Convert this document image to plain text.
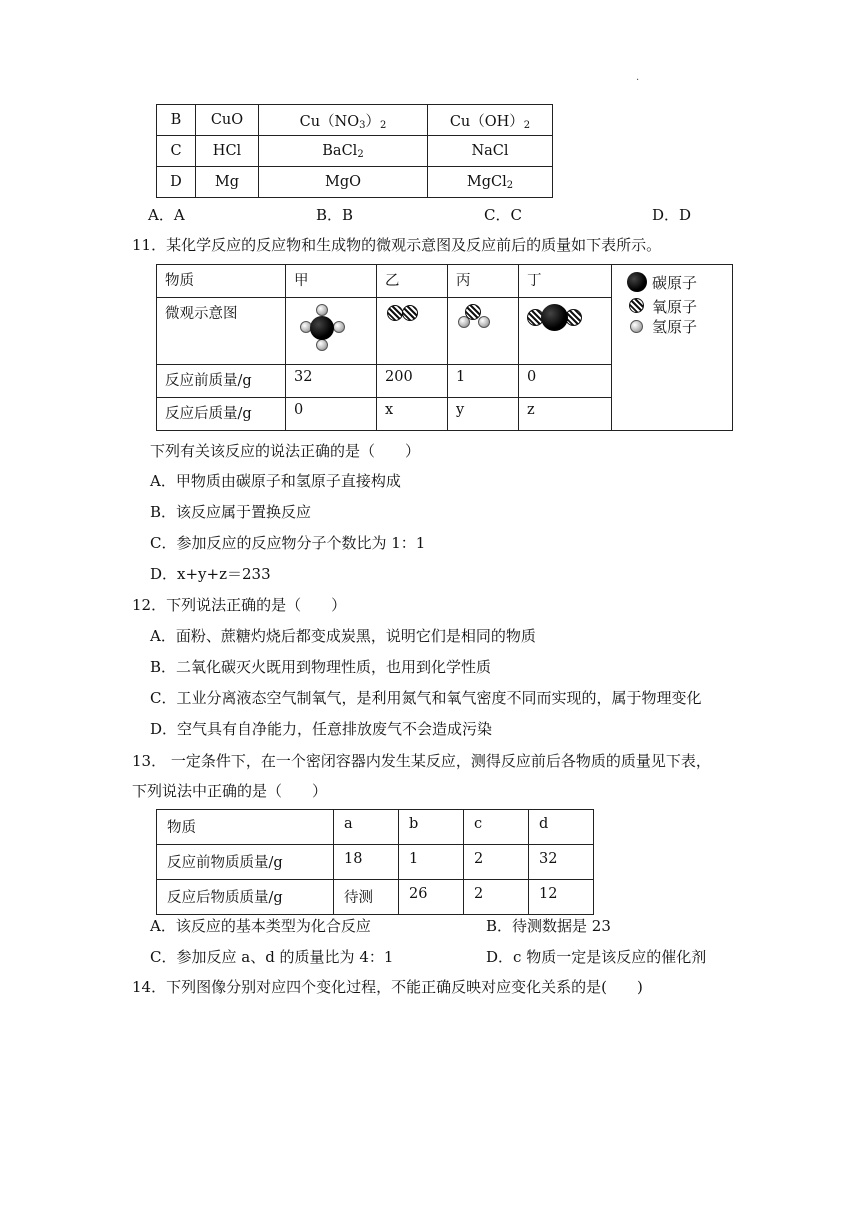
.
B	CuO	$Cu(NO_3)_2$	$Cu(OH)_2$
C	HCl	BaCl$_2$	NaCl
D	Mg	MgO	MgCl$_2$
A．A	B．B	C．C	D．D
11．某化学反应的反应物和生成物的微观示意图及反应前后的质量如下表所示。
物质	甲	乙	丙	丁	
微观示意图					
反应前质量/g	32	200	1	0	
反应后质量/g	0	x	y	z	
碳原子
氧原子
氢原子
下列有关该反应的说法正确的是（　　）
A．甲物质由碳原子和氢原子直接构成
B．该反应属于置换反应
C．参加反应的反应物分子个数比为 1：1
D．x+y+z＝233
12．下列说法正确的是（　　）
A．面粉、蔗糖灼烧后都变成炭黑，说明它们是相同的物质
B．二氧化碳灭火既用到物理性质，也用到化学性质
C．工业分离液态空气制氧气，是利用氮气和氧气密度不同而实现的，属于物理变化
D．空气具有自净能力，任意排放废气不会造成污染
13． 一定条件下，在一个密闭容器内发生某反应，测得反应前后各物质的质量见下表，
下列说法中正确的是（　　）
物质	a	b	c	d
反应前物质质量/g	18	1	2	32
反应后物质质量/g	待测	26	2	12
A．该反应的基本类型为化合反应	B．待测数据是 23
C．参加反应 a、d 的质量比为 4：1	D．c 物质一定是该反应的催化剂
14．下列图像分别对应四个变化过程，不能正确反映对应变化关系的是(　　)
